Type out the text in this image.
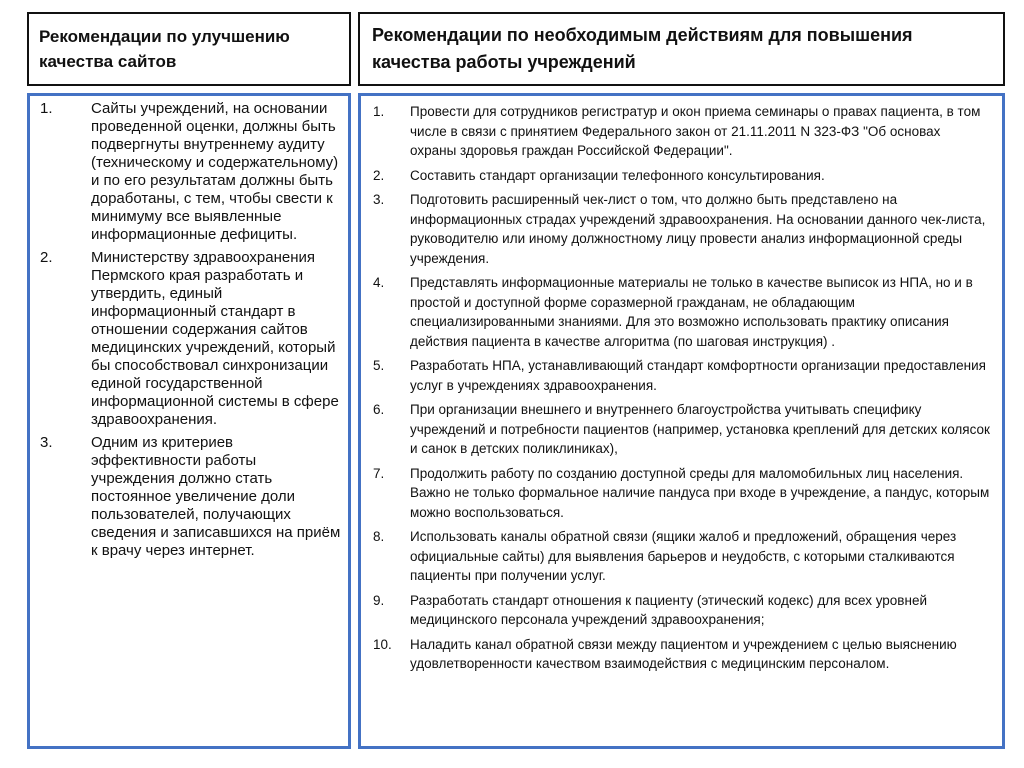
Рекомендации по улучшению качества сайтов
Рекомендации по необходимым действиям для повышения качества работы учреждений
1.	Сайты учреждений, на основании проведенной оценки, должны быть подвергнуты внутреннему аудиту (техническому и содержательному) и по его результатам должны быть доработаны, с тем, чтобы свести к минимуму все выявленные информационные дефициты.
2.	Министерству здравоохранения Пермского края разработать и утвердить, единый информационный стандарт в отношении содержания сайтов медицинских учреждений, который бы способствовал синхронизации единой государственной информационной системы в сфере здравоохранения.
3.	Одним из критериев эффективности работы учреждения должно стать постоянное увеличение доли пользователей, получающих сведения и записавшихся на приём к врачу через интернет.
1.	Провести для сотрудников регистратур и окон приема семинары о правах пациента, в том числе в связи с принятием Федерального закон от 21.11.2011 N 323-ФЗ "Об основах охраны здоровья граждан Российской Федерации".
2.	Составить стандарт организации телефонного консультирования.
3.	Подготовить расширенный чек-лист о том, что должно быть представлено на информационных страдах учреждений здравоохранения. На основании данного чек-листа, руководителю или иному должностному лицу провести анализ информационной среды учреждения.
4.	Представлять информационные материалы не только в качестве выписок из НПА, но и в простой и доступной форме соразмерной гражданам, не обладающим специализированными знаниями. Для это возможно использовать практику описания действия пациента в качестве алгоритма (по шаговая инструкция) .
5.	Разработать НПА, устанавливающий стандарт комфортности организации предоставления услуг в учреждениях здравоохранения.
6.	При организации внешнего и внутреннего благоустройства учитывать специфику учреждений и потребности пациентов (например, установка креплений для детских колясок и санок в детских поликлиниках),
7.	Продолжить работу по созданию доступной среды для маломобильных лиц населения. Важно не только формальное наличие пандуса при входе в учреждение, а пандус, которым можно воспользоваться.
8.	Использовать каналы обратной связи (ящики жалоб и предложений, обращения через официальные сайты) для выявления барьеров и неудобств, с которыми сталкиваются пациенты при получении услуг.
9.	Разработать стандарт отношения к пациенту (этический кодекс) для всех уровней медицинского персонала учреждений здравоохранения;
10.	Наладить канал обратной связи между пациентом и учреждением с целью выяснению удовлетворенности качеством взаимодействия с медицинским персоналом.
